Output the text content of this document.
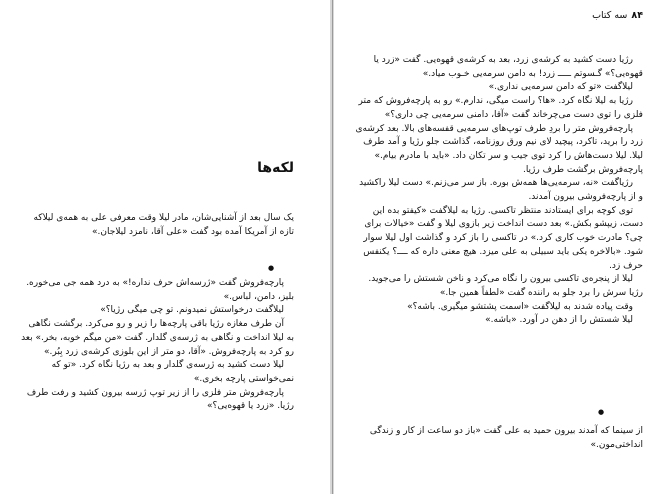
۸۴
سه کتاب

رژیا دست کشید به کرشه‌ی زرد، بعد به کرشه‌ی قهوه‌یی. گفت «زرد یا قهوه‌یی؟» گـسوتم ـــــ زرد! به دامن سرمه‌یی خـوب میاد.»

لیلاگفت «تو که دامن سرمه‌یی نداری.»

رژیا به لیلا نگاه کرد. «ها؟ راست میگی، ندارم.» رو به پارچه‌فروش که متر فلزی را توی دست می‌چرخاند گفت «آقا، دامنی سرمه‌یی چی داری؟»

پارچه‌فروش متر را بردِ طرف توپ‌های سرمه‌یی قفسه‌های بالا. بعد کرشه‌ی زرد را برید، تاکرد، پیچید لای نیم ورق روزنامه، گذاشت جلو رژیا و آمد طرف لیلا. لیلا دست‌هاش را کرد توی جیب و سر تکان داد. «باید با مادرم بیام.» پارچه‌فروش برگشت طرف رژیا.

رژیاگفت «نه، سرمه‌یی‌ها همه‌ش بوره. باز سر می‌زنم.» دست لیلا راکشید و از پارچه‌فروشی بیرون آمدند.

توی کوچه برای ایستادند منتظر تاکسی. رژیا به لیلاگفت «کیفتو بده این دست، زیپشو بکش.» بعد دست انداخت زیر بازوی لیلا و گفت «خیالات برای چی؟ مادرت خوب کاری کرد.» در تاکسی را باز کرد و گذاشت اول لیلا سوار شود. «بالاخره یکی باید سبیلی به علی میزد. هیچ معنی داره که ــــ؟ یکنفس حرف زد.

لیلا از پنجره‌ی تاکسی بیرون را نگاه می‌کرد و ناخن شستش را می‌جوید. رژیا سرش را برد جلو به راننده گفت «لطفاً همین جا.»

وقت پیاده شدند به لیلاگفت «اسمت پشتشو میگیری. باشه؟»

لیلا شستش را از دهن در آورد. «باشه.»

●

از سینما که آمدند بیرون حمید به علی گفت «باز دو ساعت از کار و زندگی انداختی‌مون.»

لکه‌ها

یک سال بعد از آشنایی‌شان، مادر لیلا وقت معرفی علی به همه‌ی لیلاکه تازه از آمریکا آمده بود گفت «علی آقا، نامزد لیلاجان.»

●

پارچه‌فروش گفت «ژرسه‌اش حرف نداره!» به درد همه جی می‌خوره. بلیز، دامن، لباس.»

لیلاگفت درخواستش نمیدونم. تو چی میگی رژیا؟»

آن طرف مغازه رژیا باقی پارچه‌ها را زیر و رو می‌کرد. برگشت نگاهی به لیلا انداخت و نگاهی به ژرسه‌ی گلدار. گفت «من میگم خوبه، بخر.» بعد رو کرد به پارچه‌فروش. «آقا، دو متر از این بلوزی کرشه‌ی زرد بِبُر.»

لیلا دست کشید به ژرسه‌ی گلدار و بعد به رژیا نگاه کرد. «تو که نمی‌خواستی پارچه بخری.»

پارچه‌فروش متر فلزی را از زیر توپ ژرسه بیرون کشید و رفت طرف رژیا. «زرد یا قهوه‌یی؟»
